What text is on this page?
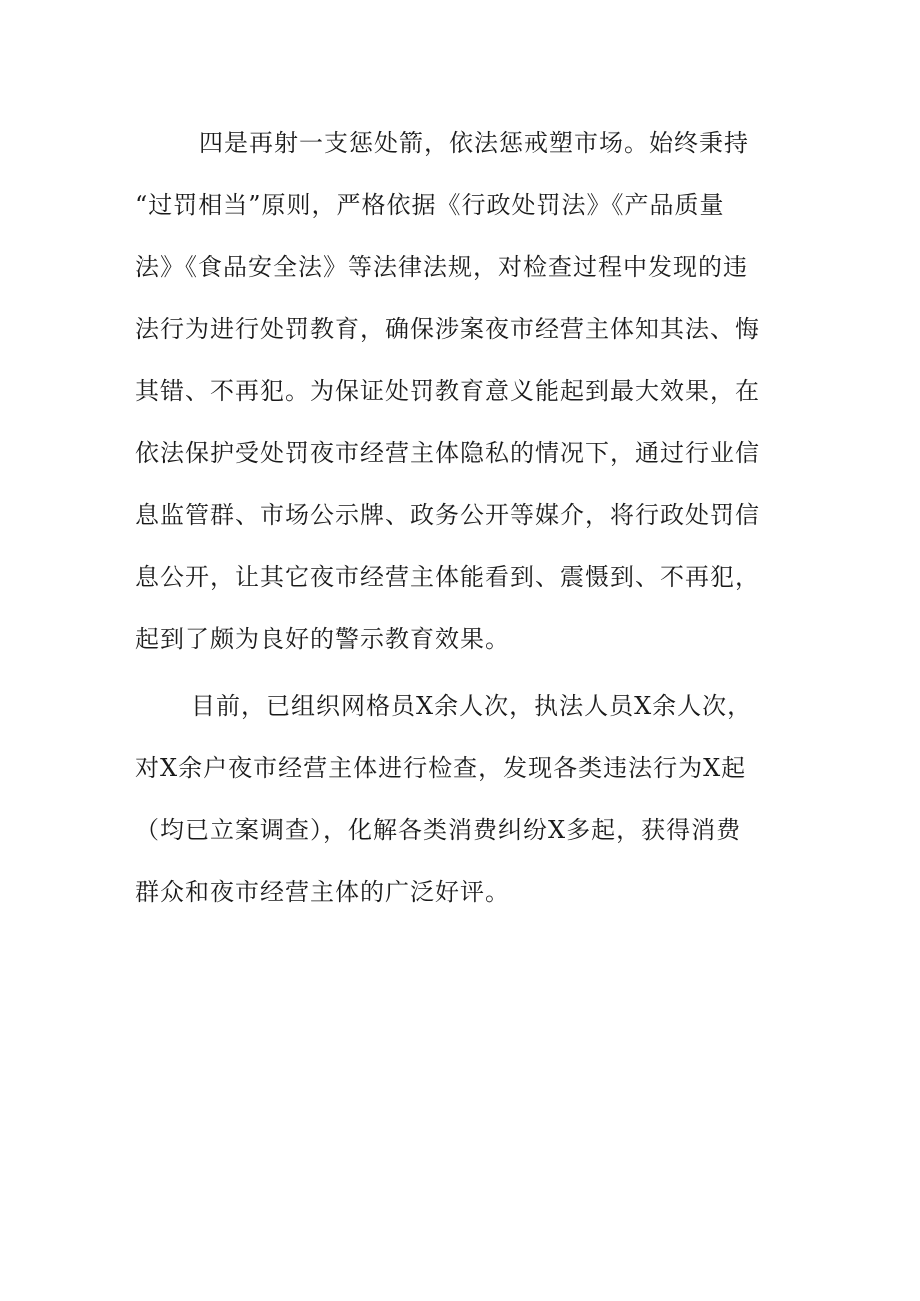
四是再射一支惩处箭，依法惩戒塑市场。始终秉持
“过罚相当”原则，严格依据《行政处罚法》《产品质量
法》《食品安全法》等法律法规，对检查过程中发现的违
法行为进行处罚教育，确保涉案夜市经营主体知其法、悔
其错、不再犯。为保证处罚教育意义能起到最大效果，在
依法保护受处罚夜市经营主体隐私的情况下，通过行业信
息监管群、市场公示牌、政务公开等媒介，将行政处罚信
息公开，让其它夜市经营主体能看到、震慑到、不再犯，
起到了颇为良好的警示教育效果。
目前，已组织网格员X余人次，执法人员X余人次，
对X余户夜市经营主体进行检查，发现各类违法行为X起
（均已立案调查），化解各类消费纠纷X多起，获得消费
群众和夜市经营主体的广泛好评。
